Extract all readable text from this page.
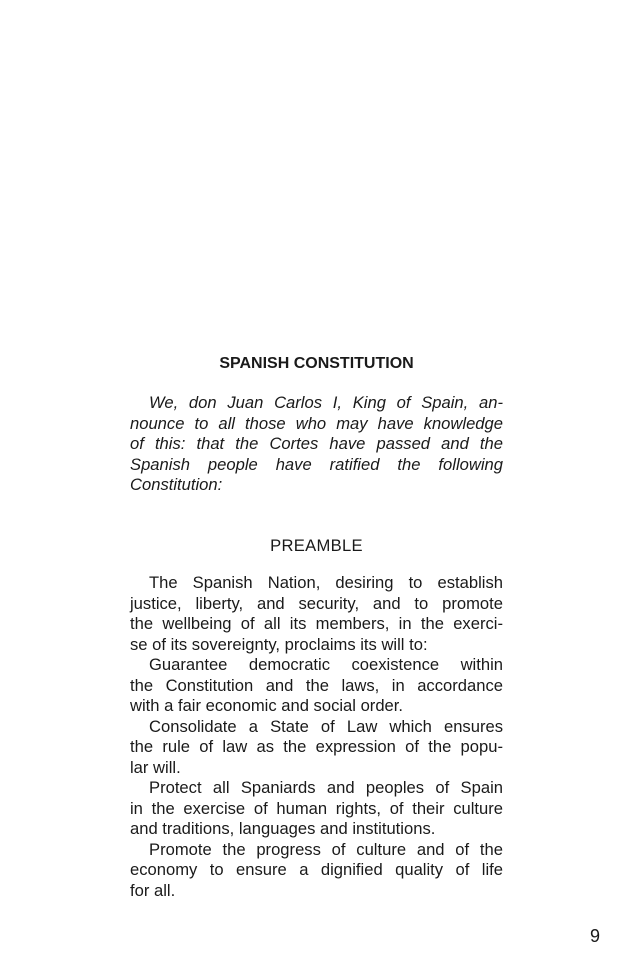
SPANISH CONSTITUTION
We, don Juan Carlos I, King of Spain, an-
nounce to all those who may have knowledge
of this: that the Cortes have passed and the
Spanish people have ratified the following
Constitution:
PREAMBLE
The Spanish Nation, desiring to establish
justice, liberty, and security, and to promote
the wellbeing of all its members, in the exerci-
se of its sovereignty, proclaims its will to:
Guarantee democratic coexistence within
the Constitution and the laws, in accordance
with a fair economic and social order.
Consolidate a State of Law which ensures
the rule of law as the expression of the popu-
lar will.
Protect all Spaniards and peoples of Spain
in the exercise of human rights, of their culture
and traditions, languages and institutions.
Promote the progress of culture and of the
economy to ensure a dignified quality of life
for all.
9
